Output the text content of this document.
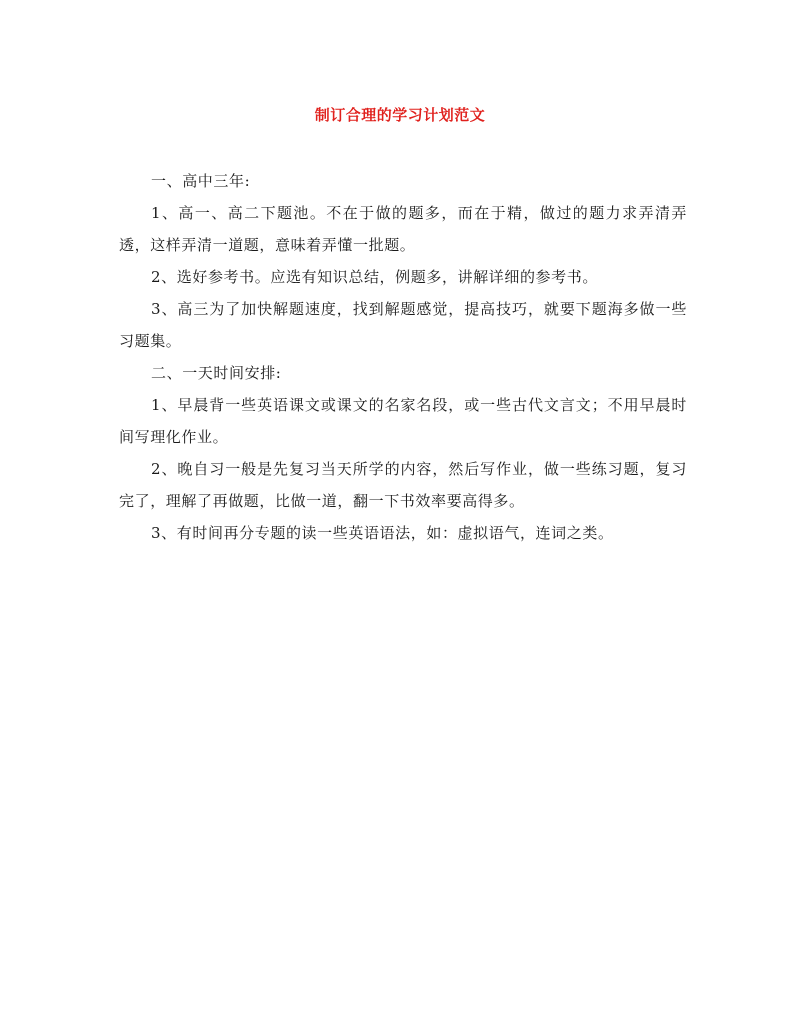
制订合理的学习计划范文

一、高中三年:

1、高一、高二下题池。不在于做的题多，而在于精，做过的题力求弄清弄透，这样弄清一道题，意味着弄懂一批题。

2、选好参考书。应选有知识总结，例题多，讲解详细的参考书。

3、高三为了加快解题速度，找到解题感觉，提高技巧，就要下题海多做一些习题集。

二、一天时间安排:

1、早晨背一些英语课文或课文的名家名段，或一些古代文言文；不用早晨时间写理化作业。

2、晚自习一般是先复习当天所学的内容，然后写作业，做一些练习题，复习完了，理解了再做题，比做一道，翻一下书效率要高得多。

3、有时间再分专题的读一些英语语法，如：虚拟语气，连词之类。
